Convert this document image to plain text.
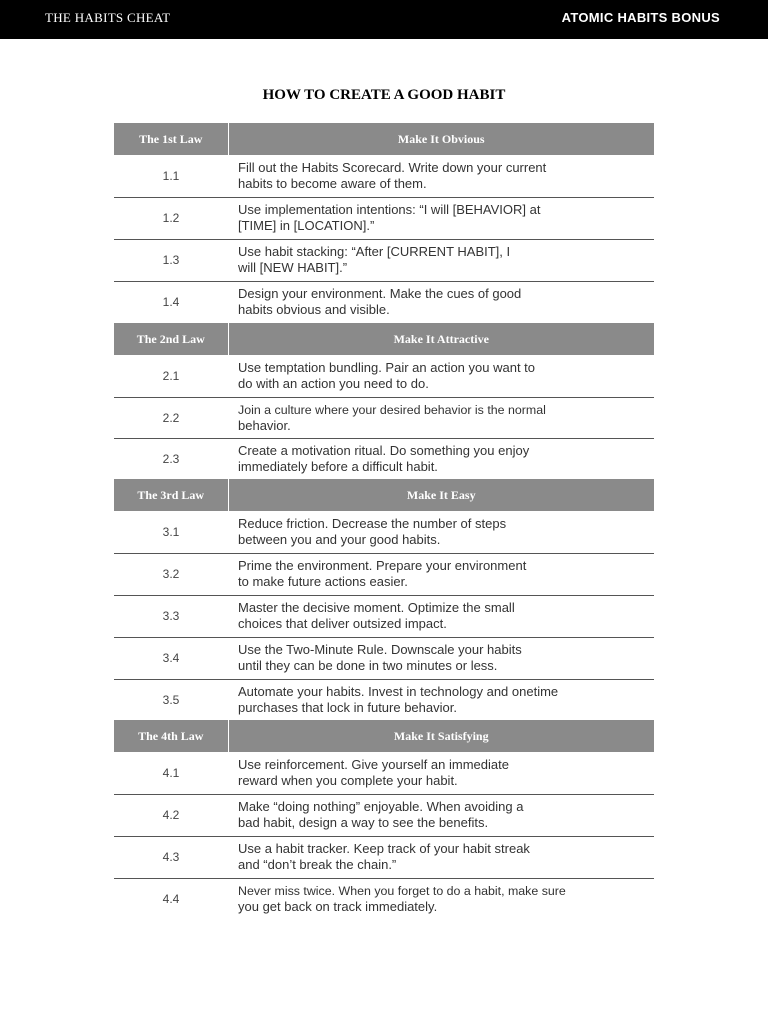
THE HABITS CHEAT	ATOMIC HABITS BONUS
HOW TO CREATE A GOOD HABIT
The 1st Law	Make It Obvious
1.1	Fill out the Habits Scorecard. Write down your current
habits to become aware of them.

1.2	Use implementation intentions: “I will [BEHAVIOR] at
[TIME] in [LOCATION].”

1.3	Use habit stacking: “After [CURRENT HABIT], I
will [NEW HABIT].”

1.4	Design your environment. Make the cues of good
habits obvious and visible.

The 2nd Law	Make It Attractive
2.1	Use temptation bundling. Pair an action you want to
do with an action you need to do.

2.2	Join a culture where your desired behavior is the normal
behavior.

2.3	Create a motivation ritual. Do something you enjoy
immediately before a difficult habit.

The 3rd Law	Make It Easy
3.1	Reduce friction. Decrease the number of steps
between you and your good habits.

3.2	Prime the environment. Prepare your environment
to make future actions easier.

3.3	Master the decisive moment. Optimize the small
choices that deliver outsized impact.

3.4	Use the Two-Minute Rule. Downscale your habits
until they can be done in two minutes or less.

3.5	Automate your habits. Invest in technology and onetime
purchases that lock in future behavior.

The 4th Law	Make It Satisfying
4.1	Use reinforcement. Give yourself an immediate
reward when you complete your habit.

4.2	Make “doing nothing” enjoyable. When avoiding a
bad habit, design a way to see the benefits.

4.3	Use a habit tracker. Keep track of your habit streak
and “don’t break the chain.”

4.4	Never miss twice. When you forget to do a habit, make sure
you get back on track immediately.
